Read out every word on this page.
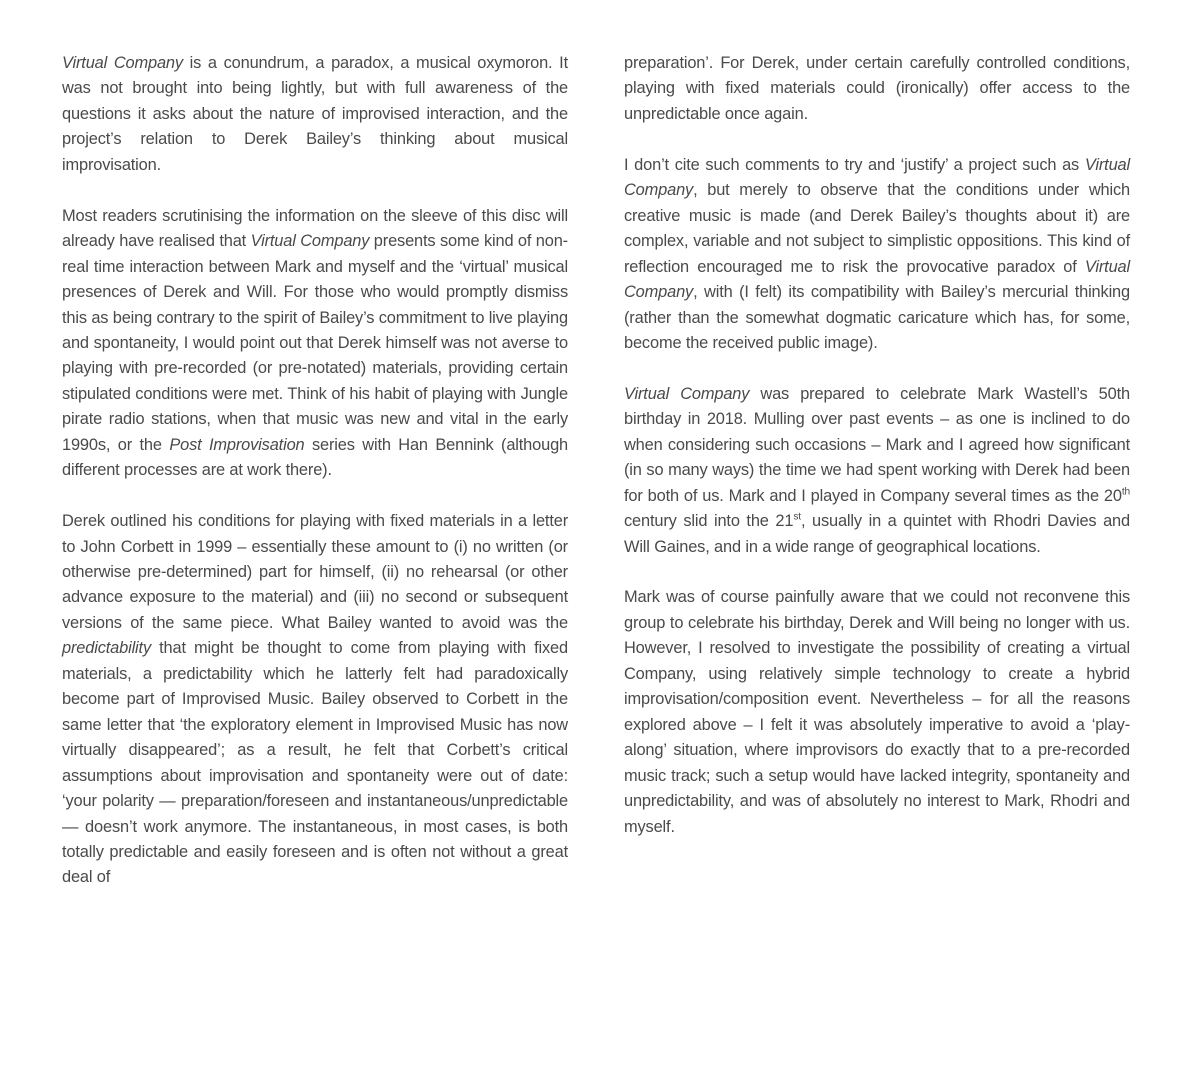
Virtual Company is a conundrum, a paradox, a musical oxymoron. It was not brought into being lightly, but with full awareness of the questions it asks about the nature of improvised interaction, and the project’s relation to Derek Bailey’s thinking about musical improvisation.

Most readers scrutinising the information on the sleeve of this disc will already have realised that Virtual Company presents some kind of non-real time interaction between Mark and myself and the ‘virtual’ musical presences of Derek and Will. For those who would promptly dismiss this as being contrary to the spirit of Bailey’s commitment to live playing and spontaneity, I would point out that Derek himself was not averse to playing with pre-recorded (or pre-notated) materials, providing certain stipulated conditions were met. Think of his habit of playing with Jungle pirate radio stations, when that music was new and vital in the early 1990s, or the Post Improvisation series with Han Bennink (although different processes are at work there).

Derek outlined his conditions for playing with fixed materials in a letter to John Corbett in 1999 – essentially these amount to (i) no written (or otherwise pre-determined) part for himself, (ii) no rehearsal (or other advance exposure to the material) and (iii) no second or subsequent versions of the same piece. What Bailey wanted to avoid was the predictability that might be thought to come from playing with fixed materials, a predictability which he latterly felt had paradoxically become part of Improvised Music. Bailey observed to Corbett in the same letter that ‘the exploratory element in Improvised Music has now virtually disappeared’; as a result, he felt that Corbett’s critical assumptions about improvisation and spontaneity were out of date: ‘your polarity — preparation/foreseen and instantaneous/unpredictable — doesn’t work anymore. The instantaneous, in most cases, is both totally predictable and easily foreseen and is often not without a great deal of

preparation’. For Derek, under certain carefully controlled conditions, playing with fixed materials could (ironically) offer access to the unpredictable once again.

I don’t cite such comments to try and ‘justify’ a project such as Virtual Company, but merely to observe that the conditions under which creative music is made (and Derek Bailey’s thoughts about it) are complex, variable and not subject to simplistic oppositions. This kind of reflection encouraged me to risk the provocative paradox of Virtual Company, with (I felt) its compatibility with Bailey’s mercurial thinking (rather than the somewhat dogmatic caricature which has, for some, become the received public image).

Virtual Company was prepared to celebrate Mark Wastell’s 50th birthday in 2018. Mulling over past events – as one is inclined to do when considering such occasions – Mark and I agreed how significant (in so many ways) the time we had spent working with Derek had been for both of us. Mark and I played in Company several times as the 20th century slid into the 21st, usually in a quintet with Rhodri Davies and Will Gaines, and in a wide range of geographical locations.

Mark was of course painfully aware that we could not reconvene this group to celebrate his birthday, Derek and Will being no longer with us. However, I resolved to investigate the possibility of creating a virtual Company, using relatively simple technology to create a hybrid improvisation/composition event. Nevertheless – for all the reasons explored above – I felt it was absolutely imperative to avoid a ‘play-along’ situation, where improvisors do exactly that to a pre-recorded music track; such a setup would have lacked integrity, spontaneity and unpredictability, and was of absolutely no interest to Mark, Rhodri and myself.
